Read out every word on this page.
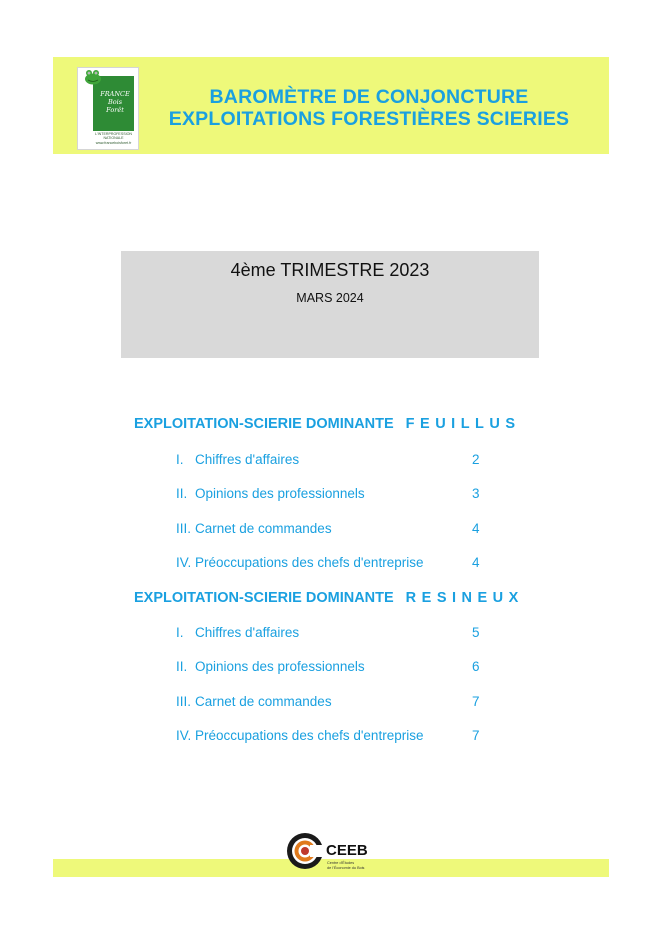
FRANCE
Bois
Forêt
L'INTERPROFESSION
NATIONALE
www.franceboisforet.fr
BAROMÈTRE DE CONJONCTURE
EXPLOITATIONS FORESTIÈRES SCIERIES
4ème TRIMESTRE 2023
MARS 2024
EXPLOITATION-SCIERIE DOMINANTE FEUILLUS
I. Chiffres d'affaires	2
II. Opinions des professionnels	3
III. Carnet de commandes	4
IV. Préoccupations des chefs d'entreprise	4
EXPLOITATION-SCIERIE DOMINANTE RESINEUX
I. Chiffres d'affaires	5
II. Opinions des professionnels	6
III. Carnet de commandes	7
IV. Préoccupations des chefs d'entreprise	7
CEEB
Centre d'Études
de l'Économie du Bois
